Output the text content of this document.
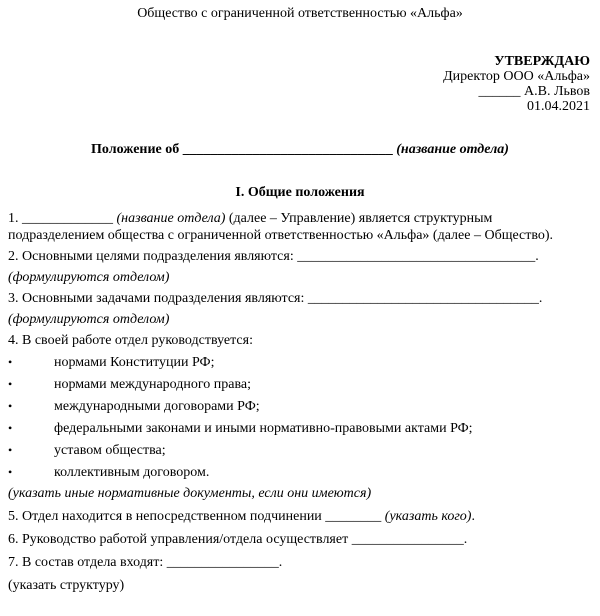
Общество с ограниченной ответственностью «Альфа»
УТВЕРЖДАЮ
Директор ООО «Альфа»
______ А.В. Львов
01.04.2021
Положение об ______________________________ (название отдела)
I. Общие положения

1. _____________ (название отдела) (далее – Управление) является структурным подразделением общества с ограниченной ответственностью «Альфа» (далее – Общество).

2. Основными целями подразделения являются: __________________________________.

(формулируются отделом)

3. Основными задачами подразделения являются: _________________________________.

(формулируются отделом)

4. В своей работе отдел руководствуется:

•	нормами Конституции РФ;
•	нормами международного права;
•	международными договорами РФ;
•	федеральными законами и иными нормативно-правовыми актами РФ;
•	уставом общества;
•	коллективным договором.

(указать иные нормативные документы, если они имеются)

5. Отдел находится в непосредственном подчинении ________ (указать кого).

6. Руководство работой управления/отдела осуществляет ________________.

7. В состав отдела входят: ________________.

(указать структуру)
